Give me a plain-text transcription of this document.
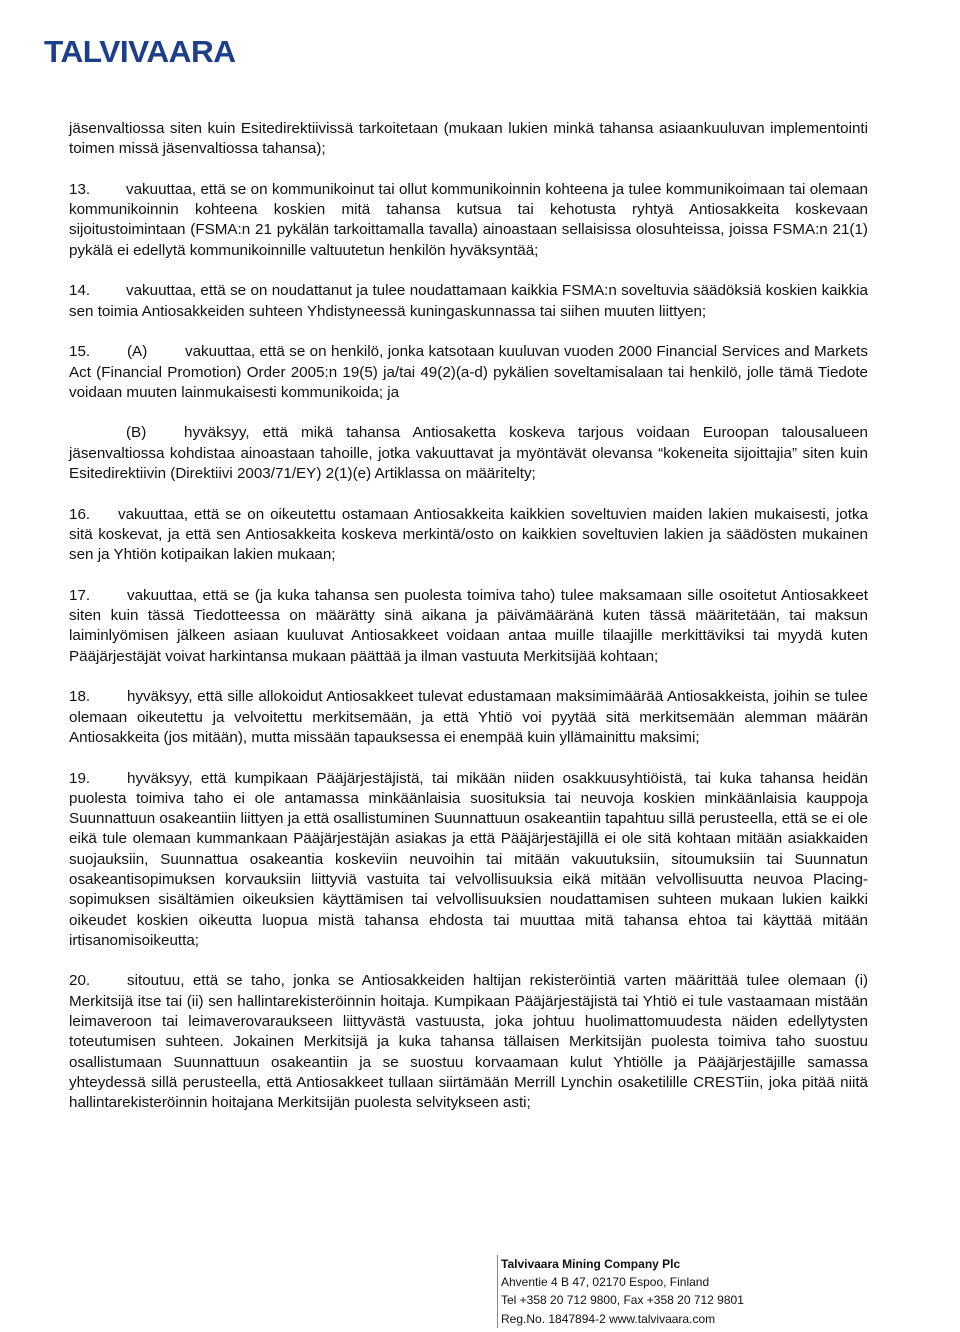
TALVIVAARA

jäsenvaltiossa siten kuin Esitedirektiivissä tarkoitetaan (mukaan lukien minkä tahansa asiaankuuluvan implementointi toimen missä jäsenvaltiossa tahansa);

13. vakuuttaa, että se on kommunikoinut tai ollut kommunikoinnin kohteena ja tulee kommunikoimaan tai olemaan kommunikoinnin kohteena koskien mitä tahansa kutsua tai kehotusta ryhtyä Antiosakkeita koskevaan sijoitustoimintaan (FSMA:n 21 pykälän tarkoittamalla tavalla) ainoastaan sellaisissa olosuhteissa, joissa FSMA:n 21(1) pykälä ei edellytä kommunikoinnille valtuutetun henkilön hyväksyntää;

14. vakuuttaa, että se on noudattanut ja tulee noudattamaan kaikkia FSMA:n soveltuvia säädöksiä koskien kaikkia sen toimia Antiosakkeiden suhteen Yhdistyneessä kuningaskunnassa tai siihen muuten liittyen;

15. (A) vakuuttaa, että se on henkilö, jonka katsotaan kuuluvan vuoden 2000 Financial Services and Markets Act (Financial Promotion) Order 2005:n 19(5) ja/tai 49(2)(a-d) pykälien soveltamisalaan tai henkilö, jolle tämä Tiedote voidaan muuten lainmukaisesti kommunikoida; ja

(B) hyväksyy, että mikä tahansa Antiosaketta koskeva tarjous voidaan Euroopan talousalueen jäsenvaltiossa kohdistaa ainoastaan tahoille, jotka vakuuttavat ja myöntävät olevansa “kokeneita sijoittajia” siten kuin Esitedirektiivin (Direktiivi 2003/71/EY) 2(1)(e) Artiklassa on määritelty;

16. vakuuttaa, että se on oikeutettu ostamaan Antiosakkeita kaikkien soveltuvien maiden lakien mukaisesti, jotka sitä koskevat, ja että sen Antiosakkeita koskeva merkintä/osto on kaikkien soveltuvien lakien ja säädösten mukainen sen ja Yhtiön kotipaikan lakien mukaan;

17. vakuuttaa, että se (ja kuka tahansa sen puolesta toimiva taho) tulee maksamaan sille osoitetut Antiosakkeet siten kuin tässä Tiedotteessa on määrätty sinä aikana ja päivämääränä kuten tässä määritetään, tai maksun laiminlyömisen jälkeen asiaan kuuluvat Antiosakkeet voidaan antaa muille tilaajille merkittäviksi tai myydä kuten Pääjärjestäjät voivat harkintansa mukaan päättää ja ilman vastuuta Merkitsijää kohtaan;

18. hyväksyy, että sille allokoidut Antiosakkeet tulevat edustamaan maksimimäärää Antiosakkeista, joihin se tulee olemaan oikeutettu ja velvoitettu merkitsemään, ja että Yhtiö voi pyytää sitä merkitsemään alemman määrän Antiosakkeita (jos mitään), mutta missään tapauksessa ei enempää kuin yllämainittu maksimi;

19. hyväksyy, että kumpikaan Pääjärjestäjistä, tai mikään niiden osakkuusyhtiöistä, tai kuka tahansa heidän puolesta toimiva taho ei ole antamassa minkäänlaisia suosituksia tai neuvoja koskien minkäänlaisia kauppoja Suunnattuun osakeantiin liittyen ja että osallistuminen Suunnattuun osakeantiin tapahtuu sillä perusteella, että se ei ole eikä tule olemaan kummankaan Pääjärjestäjän asiakas ja että Pääjärjestäjillä ei ole sitä kohtaan mitään asiakkaiden suojauksiin, Suunnattua osakeantia koskeviin neuvoihin tai mitään vakuutuksiin, sitoumuksiin tai Suunnatun osakeantisopimuksen korvauksiin liittyviä vastuita tai velvollisuuksia eikä mitään velvollisuutta neuvoa Placing-sopimuksen sisältämien oikeuksien käyttämisen tai velvollisuuksien noudattamisen suhteen mukaan lukien kaikki oikeudet koskien oikeutta luopua mistä tahansa ehdosta tai muuttaa mitä tahansa ehtoa tai käyttää mitään irtisanomisoikeutta;

20. sitoutuu, että se taho, jonka se Antiosakkeiden haltijan rekisteröintiä varten määrittää tulee olemaan (i) Merkitsijä itse tai (ii) sen hallintarekisteröinnin hoitaja. Kumpikaan Pääjärjestäjistä tai Yhtiö ei tule vastaamaan mistään leimaveroon tai leimaverovaraukseen liittyvästä vastuusta, joka johtuu huolimattomuudesta näiden edellytysten toteutumisen suhteen. Jokainen Merkitsijä ja kuka tahansa tällaisen Merkitsijän puolesta toimiva taho suostuu osallistumaan Suunnattuun osakeantiin ja se suostuu korvaamaan kulut Yhtiölle ja Pääjärjestäjille samassa yhteydessä sillä perusteella, että Antiosakkeet tullaan siirtämään Merrill Lynchin osaketilille CRESTiin, joka pitää niitä hallintarekisteröinnin hoitajana Merkitsijän puolesta selvitykseen asti;

Talvivaara Mining Company Plc
Ahventie 4 B 47, 02170 Espoo, Finland
Tel +358 20 712 9800, Fax +358 20 712 9801
Reg.No. 1847894-2 www.talvivaara.com
